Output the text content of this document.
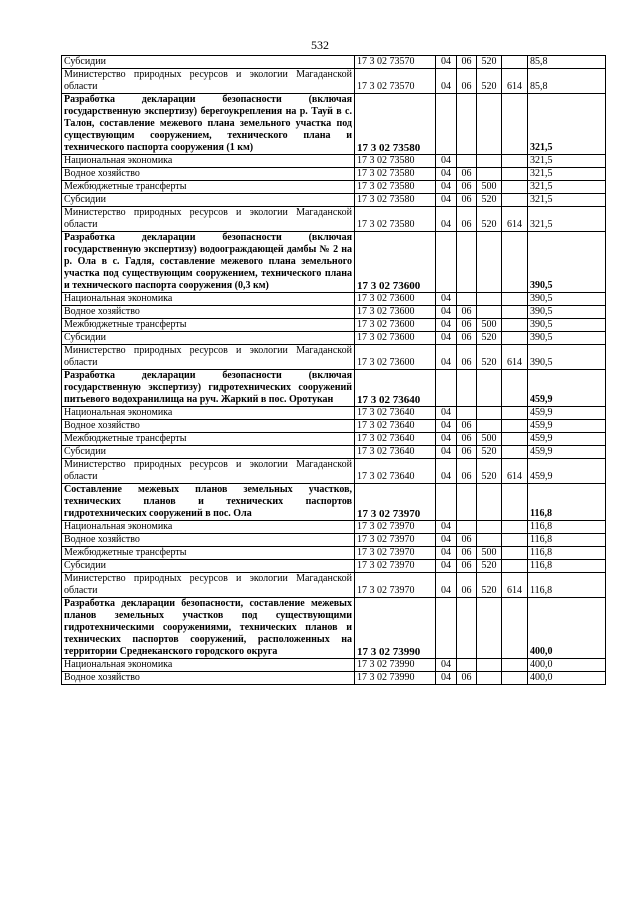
532
Субсидии	17 3 02 73570	04	06	520		85,8
Министерство природных ресурсов и экологии Магаданской области	17 3 02 73570	04	06	520	614	85,8
Разработка декларации безопасности (включая государственную экспертизу) берегоукрепления на р. Тауй в с. Талон, составление межевого плана земельного участка под существующим сооружением, технического плана и технического паспорта сооружения (1 км)	17 3 02 73580					321,5
Национальная экономика	17 3 02 73580	04				321,5
Водное хозяйство	17 3 02 73580	04	06			321,5
Межбюджетные трансферты	17 3 02 73580	04	06	500		321,5
Субсидии	17 3 02 73580	04	06	520		321,5
Министерство природных ресурсов и экологии Магаданской области	17 3 02 73580	04	06	520	614	321,5
Разработка декларации безопасности (включая государственную экспертизу) водоограждающей дамбы № 2 на р. Ола в с. Гадля, составление межевого плана земельного участка под существующим сооружением, технического плана и технического паспорта сооружения (0,3 км)	17 3 02 73600					390,5
Национальная экономика	17 3 02 73600	04				390,5
Водное хозяйство	17 3 02 73600	04	06			390,5
Межбюджетные трансферты	17 3 02 73600	04	06	500		390,5
Субсидии	17 3 02 73600	04	06	520		390,5
Министерство природных ресурсов и экологии Магаданской области	17 3 02 73600	04	06	520	614	390,5
Разработка декларации безопасности (включая государственную экспертизу) гидротехнических сооружений питьевого водохранилища на руч. Жаркий в пос. Оротукан	17 3 02 73640					459,9
Национальная экономика	17 3 02 73640	04				459,9
Водное хозяйство	17 3 02 73640	04	06			459,9
Межбюджетные трансферты	17 3 02 73640	04	06	500		459,9
Субсидии	17 3 02 73640	04	06	520		459,9
Министерство природных ресурсов и экологии Магаданской области	17 3 02 73640	04	06	520	614	459,9
Составление межевых планов земельных участков, технических планов и технических паспортов гидротехнических сооружений в пос. Ола	17 3 02 73970					116,8
Национальная экономика	17 3 02 73970	04				116,8
Водное хозяйство	17 3 02 73970	04	06			116,8
Межбюджетные трансферты	17 3 02 73970	04	06	500		116,8
Субсидии	17 3 02 73970	04	06	520		116,8
Министерство природных ресурсов и экологии Магаданской области	17 3 02 73970	04	06	520	614	116,8
Разработка декларации безопасности, составление межевых планов земельных участков под существующими гидротехническими сооружениями, технических планов и технических паспортов сооружений, расположенных на территории Среднеканского городского округа	17 3 02 73990					400,0
Национальная экономика	17 3 02 73990	04				400,0
Водное хозяйство	17 3 02 73990	04	06			400,0
